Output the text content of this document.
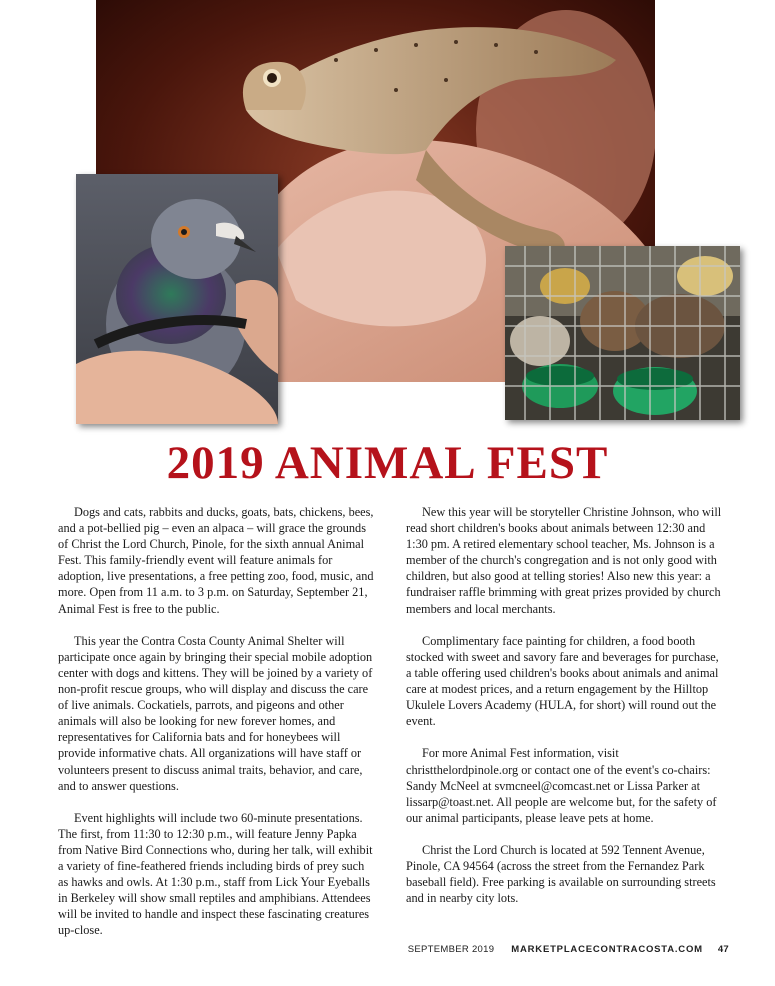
2019 ANIMAL FEST

Dogs and cats, rabbits and ducks, goats, bats, chickens, bees, and a pot-bellied pig – even an alpaca – will grace the grounds of Christ the Lord Church, Pinole, for the sixth annual Animal Fest. This family-friendly event will feature animals for adoption, live presentations, a free petting zoo, food, music, and more. Open from 11 a.m. to 3 p.m. on Saturday, September 21, Animal Fest is free to the public.

This year the Contra Costa County Animal Shelter will participate once again by bringing their special mobile adoption center with dogs and kittens. They will be joined by a variety of non-profit rescue groups, who will display and discuss the care of live animals. Cockatiels, parrots, and pigeons and other animals will also be looking for new forever homes, and representatives for California bats and for honeybees will provide informative chats. All organizations will have staff or volunteers present to discuss animal traits, behavior, and care, and to answer questions.

Event highlights will include two 60-minute presentations. The first, from 11:30 to 12:30 p.m., will feature Jenny Papka from Native Bird Connections who, during her talk, will exhibit a variety of fine-feathered friends including birds of prey such as hawks and owls. At 1:30 p.m., staff from Lick Your Eyeballs in Berkeley will show small reptiles and amphibians. Attendees will be invited to handle and inspect these fascinating creatures up-close.

New this year will be storyteller Christine Johnson, who will read short children's books about animals between 12:30 and 1:30 pm. A retired elementary school teacher, Ms. Johnson is a member of the church's congregation and is not only good with children, but also good at telling stories! Also new this year: a fundraiser raffle brimming with great prizes provided by church members and local merchants.

Complimentary face painting for children, a food booth stocked with sweet and savory fare and beverages for purchase, a table offering used children's books about animals and animal care at modest prices, and a return engagement by the Hilltop Ukulele Lovers Academy (HULA, for short) will round out the event.

For more Animal Fest information, visit christthelordpinole.org or contact one of the event's co-chairs: Sandy McNeel at svmcneel@comcast.net or Lissa Parker at lissarp@toast.net. All people are welcome but, for the safety of our animal participants, please leave pets at home.

Christ the Lord Church is located at 592 Tennent Avenue, Pinole, CA 94564 (across the street from the Fernandez Park baseball field). Free parking is available on surrounding streets and in nearby city lots.

SEPTEMBER 2019 MARKETPLACECONTRACOSTA.COM 47
